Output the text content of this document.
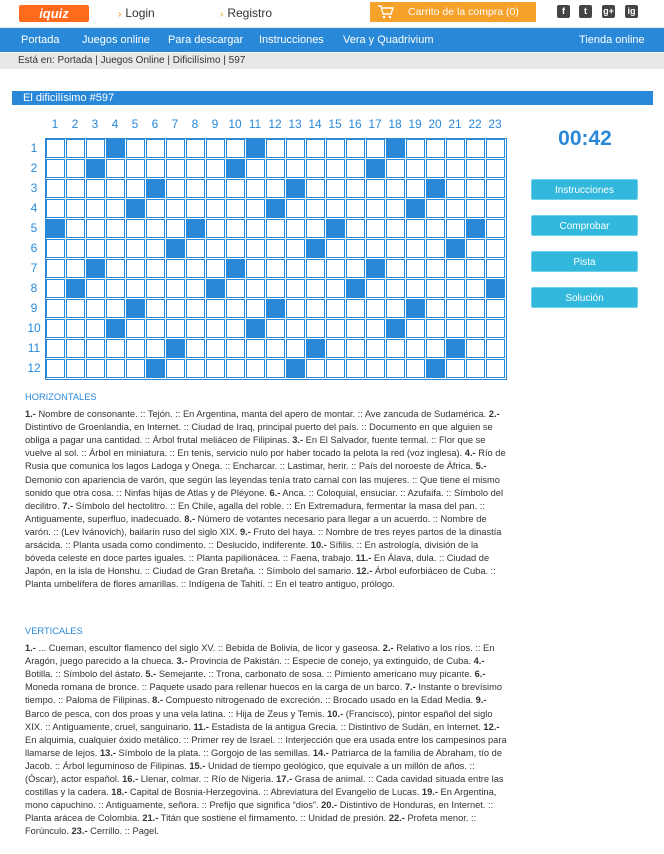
iquiz	› Login	› Registro	Carrito de la compra (0)	f	t	g+ ig
Portada Juegos online Para descargar Instrucciones Vera y Quadrivium	Tienda online
Está en: Portada | Juegos Online | Dificilísimo | 597
El dificilísimo #597
1	2	3	4	5	6	7	8	9 10 11 12 13 14 15 16 17 18 19 20 21 22 23
1
2
3
4
5
6
7
8
9
10
11
12
00:42
Instrucciones
Comprobar
Pista
Solución
HORIZONTALES

1.- Nombre de consonante. :: Tejón. :: En Argentina, manta del apero de montar. :: Ave zancuda de Sudamérica. 2.- Distintivo de Groenlandia, en Internet. :: Ciudad de Iraq, principal puerto del país. :: Documento en que alguien se obliga a pagar una cantidad. :: Árbol frutal meliáceo de Filipinas. 3.- En El Salvador, fuente termal. :: Flor que se vuelve al sol. :: Árbol en miniatura. :: En tenis, servicio nulo por haber tocado la pelota la red (voz inglesa). 4.- Río de Rusia que comunica los lagos Ladoga y Onega. :: Encharcar. :: Lastimar, herir. :: País del noroeste de África. 5.- Demonio con apariencia de varón, que según las leyendas tenía trato carnal con las mujeres. :: Que tiene el mismo sonido que otra cosa. :: Ninfas hijas de Atlas y de Pléyone. 6.- Anca. :: Coloquial, ensuciar. :: Azufaifa. :: Símbolo del decilitro. 7.- Símbolo del hectolitro. :: En Chile, agalla del roble. :: En Extremadura, fermentar la masa del pan. :: Antiguamente, superfluo, inadecuado. 8.- Número de votantes necesario para llegar a un acuerdo. :: Nombre de varón. :: (Lev Ivánovich), bailarín ruso del siglo XIX. 9.- Fruto del haya. :: Nombre de tres reyes partos de la dinastía arsácida. :: Planta usada como condimento. :: Deslucido, indiferente. 10.- Sífilis. :: En astrología, división de la bóveda celeste en doce partes iguales. :: Planta papilionácea. :: Faena, trabajo. 11.- En Álava, dula. :: Ciudad de Japón, en la isla de Honshu. :: Ciudad de Gran Bretaña. :: Símbolo del samario. 12.- Árbol euforbiáceo de Cuba. :: Planta umbelífera de flores amarillas. :: Indígena de Tahití. :: En el teatro antiguo, prólogo.

VERTICALES

1.- ... Cueman, escultor flamenco del siglo XV. :: Bebida de Bolivia, de licor y gaseosa. 2.- Relativo a los ríos. :: En Aragón, juego parecido a la chueca. 3.- Provincia de Pakistán. :: Especie de conejo, ya extinguido, de Cuba. 4.- Botilla. :: Símbolo del ástato. 5.- Semejante. :: Trona, carbonato de sosa. :: Pimiento americano muy picante. 6.- Moneda romana de bronce. :: Paquete usado para rellenar huecos en la carga de un barco. 7.- Instante o brevísimo tiempo. :: Paloma de Filipinas. 8.- Compuesto nitrogenado de excreción. :: Brocado usado en la Edad Media. 9.- Barco de pesca, con dos proas y una vela latina. :: Hija de Zeus y Temis. 10.- (Francisco), pintor español del siglo XIX. :: Antiguamente, cruel, sanguinario. 11.- Estadista de la antigua Grecia. :: Distintivo de Sudán, en Internet. 12.- En alquimia, cualquier óxido metálico. :: Primer rey de Israel. :: Interjección que era usada entre los campesinos para llamarse de lejos. 13.- Símbolo de la plata. :: Gorgojo de las semillas. 14.- Patriarca de la familia de Abraham, tío de Jacob. :: Árbol leguminoso de Filipinas. 15.- Unidad de tiempo geológico, que equivale a un millón de años. :: (Óscar), actor español. 16.- Llenar, colmar. :: Río de Nigeria. 17.- Grasa de animal. :: Cada cavidad situada entre las costillas y la cadera. 18.- Capital de Bosnia-Herzegovina. :: Abreviatura del Evangelio de Lucas. 19.- En Argentina, mono capuchino. :: Antiguamente, señora. :: Prefijo que significa “dios”. 20.- Distintivo de Honduras, en Internet. :: Planta arácea de Colombia. 21.- Titán que sostiene el firmamento. :: Unidad de presión. 22.- Profeta menor. :: Forúnculo. 23.- Cerrillo. :: Pagel.
